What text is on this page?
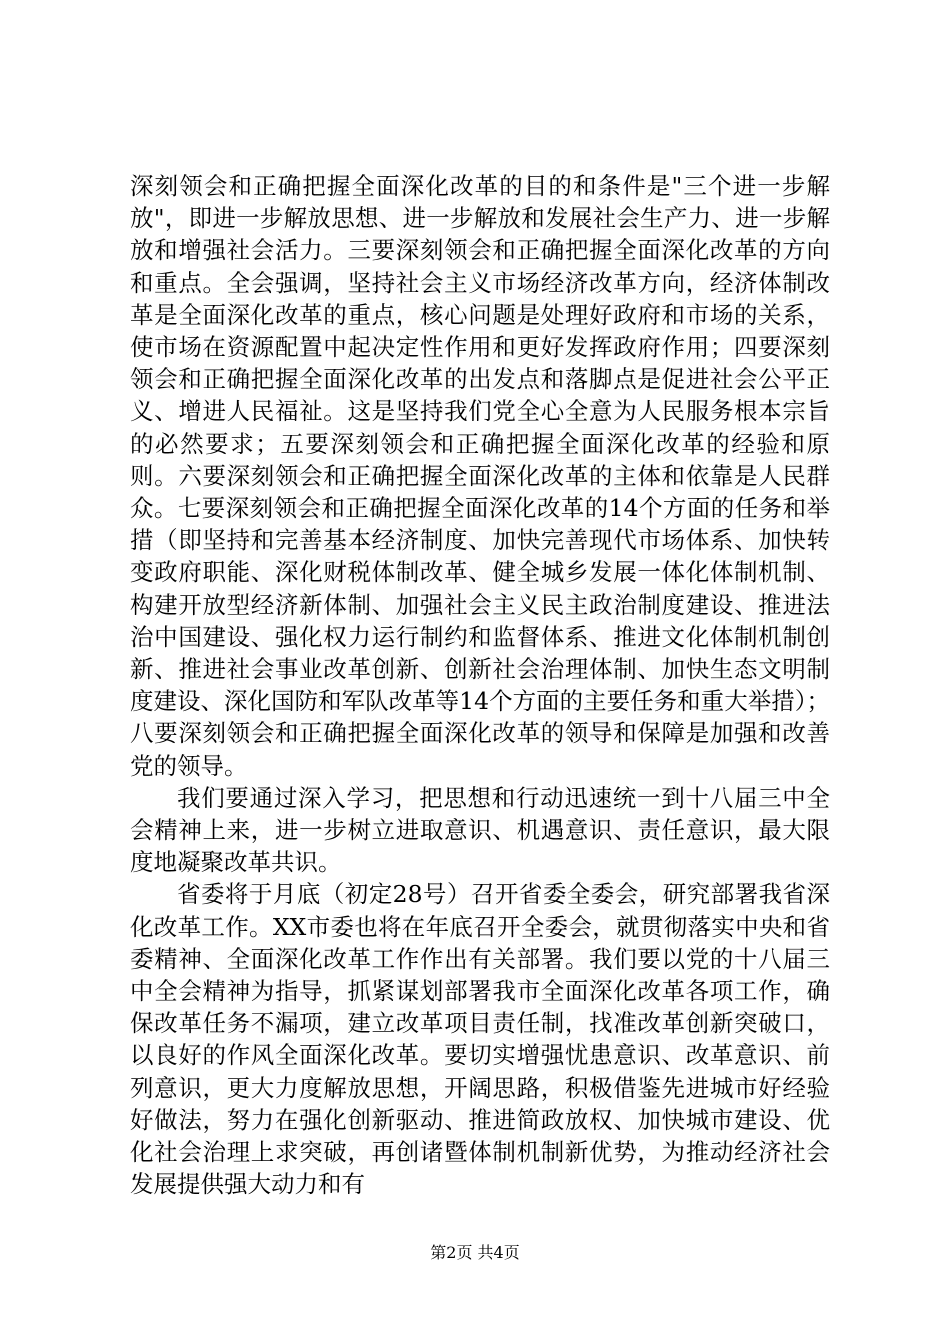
深刻领会和正确把握全面深化改革的目的和条件是"三个进一步解放"，即进一步解放思想、进一步解放和发展社会生产力、进一步解放和增强社会活力。三要深刻领会和正确把握全面深化改革的方向和重点。全会强调，坚持社会主义市场经济改革方向，经济体制改革是全面深化改革的重点，核心问题是处理好政府和市场的关系，使市场在资源配置中起决定性作用和更好发挥政府作用；四要深刻领会和正确把握全面深化改革的出发点和落脚点是促进社会公平正义、增进人民福祉。这是坚持我们党全心全意为人民服务根本宗旨的必然要求；五要深刻领会和正确把握全面深化改革的经验和原则。六要深刻领会和正确把握全面深化改革的主体和依靠是人民群众。七要深刻领会和正确把握全面深化改革的14个方面的任务和举措（即坚持和完善基本经济制度、加快完善现代市场体系、加快转变政府职能、深化财税体制改革、健全城乡发展一体化体制机制、构建开放型经济新体制、加强社会主义民主政治制度建设、推进法治中国建设、强化权力运行制约和监督体系、推进文化体制机制创新、推进社会事业改革创新、创新社会治理体制、加快生态文明制度建设、深化国防和军队改革等14个方面的主要任务和重大举措）；八要深刻领会和正确把握全面深化改革的领导和保障是加强和改善党的领导。

我们要通过深入学习，把思想和行动迅速统一到十八届三中全会精神上来，进一步树立进取意识、机遇意识、责任意识，最大限度地凝聚改革共识。

省委将于月底（初定28号）召开省委全委会，研究部署我省深化改革工作。XX市委也将在年底召开全委会，就贯彻落实中央和省委精神、全面深化改革工作作出有关部署。我们要以党的十八届三中全会精神为指导，抓紧谋划部署我市全面深化改革各项工作，确保改革任务不漏项，建立改革项目责任制，找准改革创新突破口，以良好的作风全面深化改革。要切实增强忧患意识、改革意识、前列意识，更大力度解放思想，开阔思路，积极借鉴先进城市好经验好做法，努力在强化创新驱动、推进简政放权、加快城市建设、优化社会治理上求突破，再创诸暨体制机制新优势，为推动经济社会发展提供强大动力和有

第2页 共4页
